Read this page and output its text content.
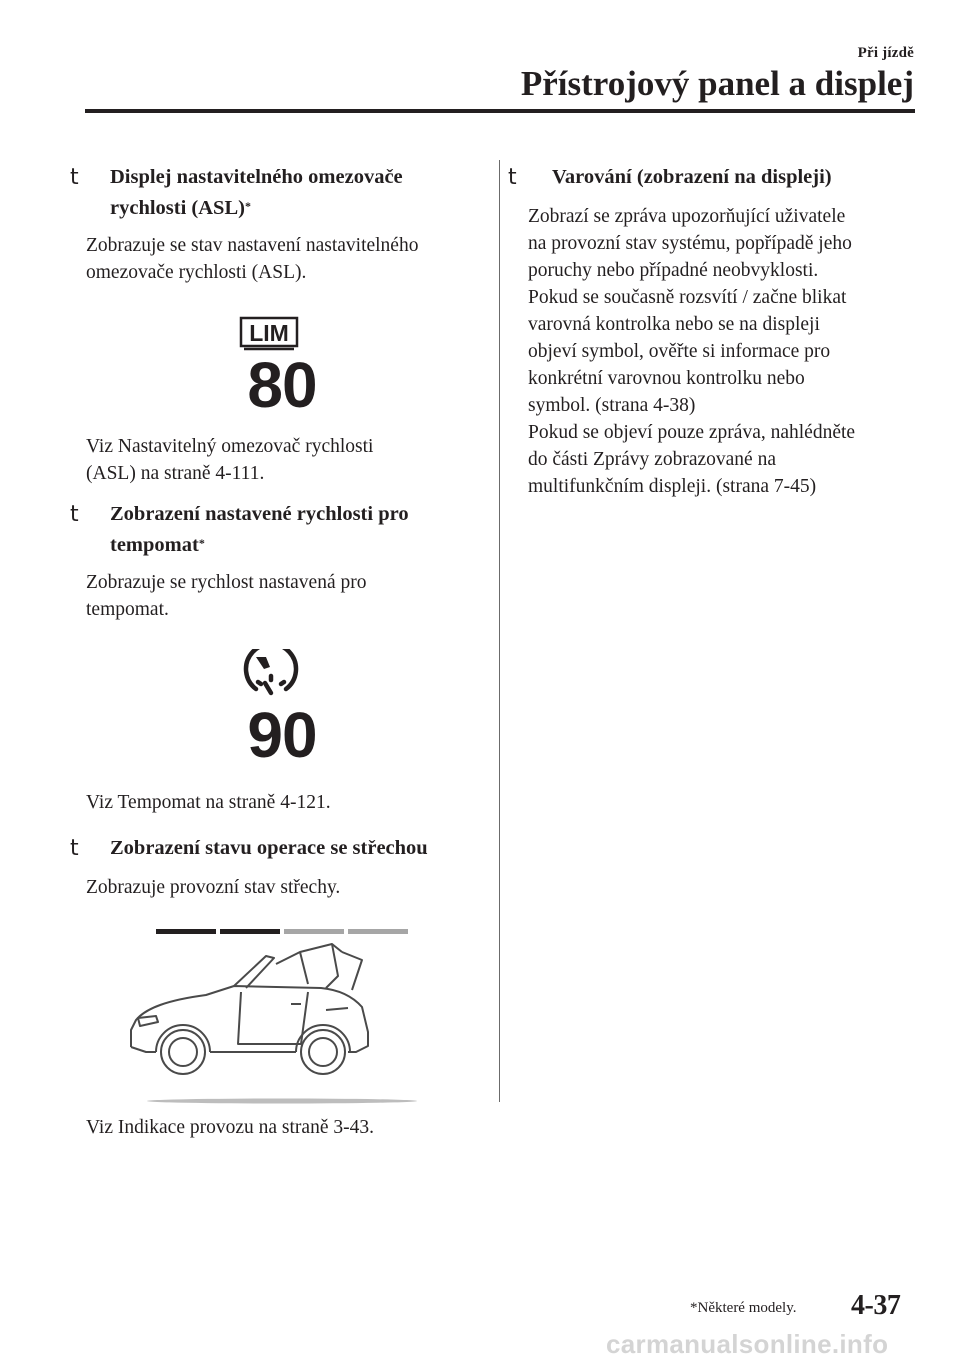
Při jízdě
Přístrojový panel a displej
t Displej nastavitelného omezovače
rychlosti (ASL)*

Zobrazuje se stav nastavení nastavitelného
omezovače rychlosti (ASL).

LIM
80

Viz Nastavitelný omezovač rychlosti
(ASL) na straně 4-111.

t Zobrazení nastavené rychlosti pro
tempomat*

Zobrazuje se rychlost nastavená pro
tempomat.

90

Viz Tempomat na straně 4-121.

t Zobrazení stavu operace se střechou

Zobrazuje provozní stav střechy.

Viz Indikace provozu na straně 3-43.

t Varování (zobrazení na displeji)

Zobrazí se zpráva upozorňující uživatele
na provozní stav systému, popřípadě jeho
poruchy nebo případné neobvyklosti.
Pokud se současně rozsvítí / začne blikat
varovná kontrolka nebo se na displeji
objeví symbol, ověřte si informace pro
konkrétní varovnou kontrolku nebo
symbol. (strana 4-38)
Pokud se objeví pouze zpráva, nahlédněte
do části Zprávy zobrazované na
multifunkčním displeji. (strana 7-45)

*Některé modely. 4-37
carmanualsonline.info
